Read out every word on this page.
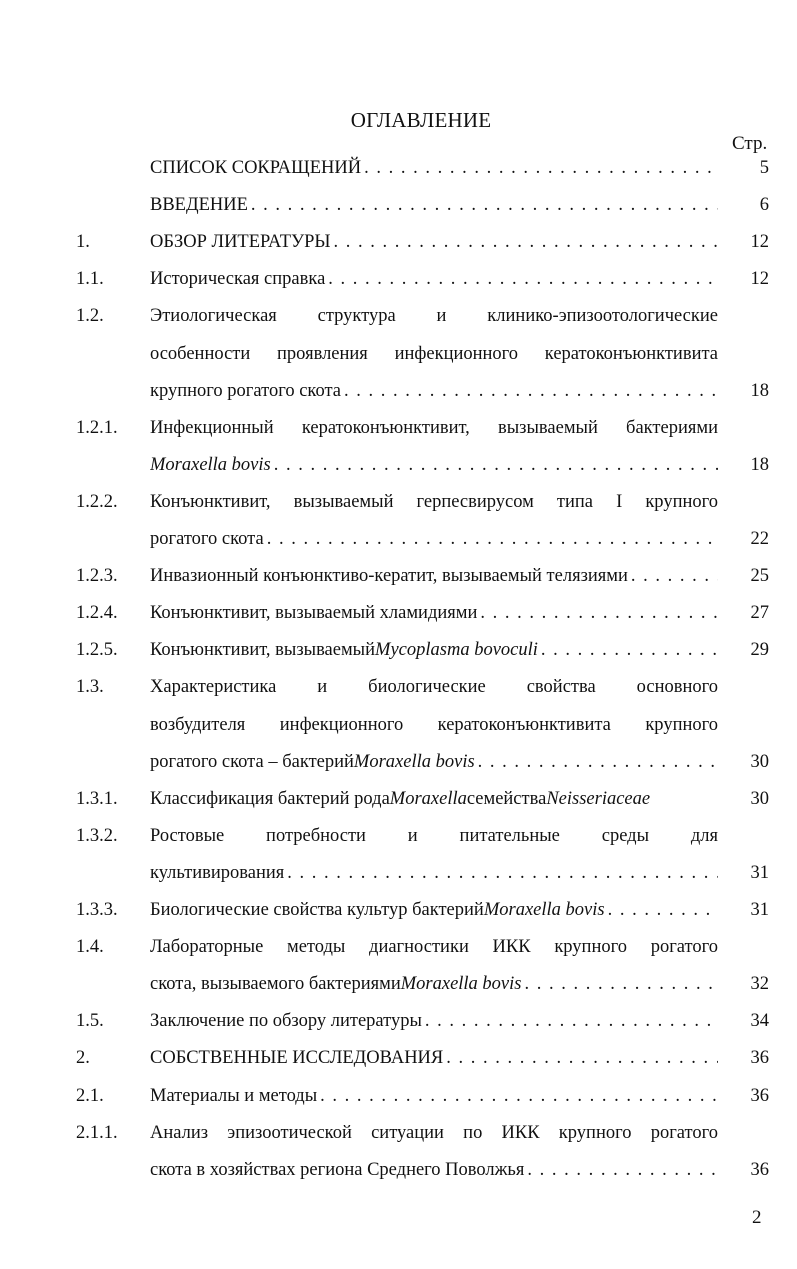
ОГЛАВЛЕНИЕ
Стр.
СПИСОК СОКРАЩЕНИЙ . . .	5
ВВЕДЕНИЕ . . .	6
1.	ОБЗОР ЛИТЕРАТУРЫ . . .	12
1.1.	Историческая справка . . .	12
1.2.	Этиологическая структура и клинико-эпизоотологические
особенности проявления инфекционного кератоконъюнктивита
крупного рогатого скота . . .	18
1.2.1. Инфекционный кератоконъюнктивит, вызываемый бактериями
Moraxella bovis . . .	18
1.2.2. Конъюнктивит, вызываемый герпесвирусом типа I крупного
рогатого скота . . .	22
1.2.3. Инвазионный конъюнктиво-кератит, вызываемый телязиями . . .	25
1.2.4. Конъюнктивит, вызываемый хламидиями . . .	27
1.2.5. Конъюнктивит, вызываемый Mycoplasma bovoculi . . .	29
1.3.	Характеристика и биологические свойства основного
возбудителя инфекционного кератоконъюнктивита крупного
рогатого скота – бактерий Moraxella bovis . . .	30
1.3.1. Классификация бактерий рода Moraxella семейства Neisseriaceae	30
1.3.2. Ростовые потребности и питательные среды для
культивирования . . .	31
1.3.3. Биологические свойства культур бактерий Moraxella bovis . . .	31
1.4.	Лабораторные методы диагностики ИКК крупного рогатого
скота, вызываемого бактериями Moraxella bovis . . .	32
1.5.	Заключение по обзору литературы . . .	34
2.	СОБСТВЕННЫЕ ИССЛЕДОВАНИЯ . . .	36
2.1.	Материалы и методы . . .	36
2.1.1. Анализ эпизоотической ситуации по ИКК крупного рогатого
скота в хозяйствах региона Среднего Поволжья . . .	36
2
